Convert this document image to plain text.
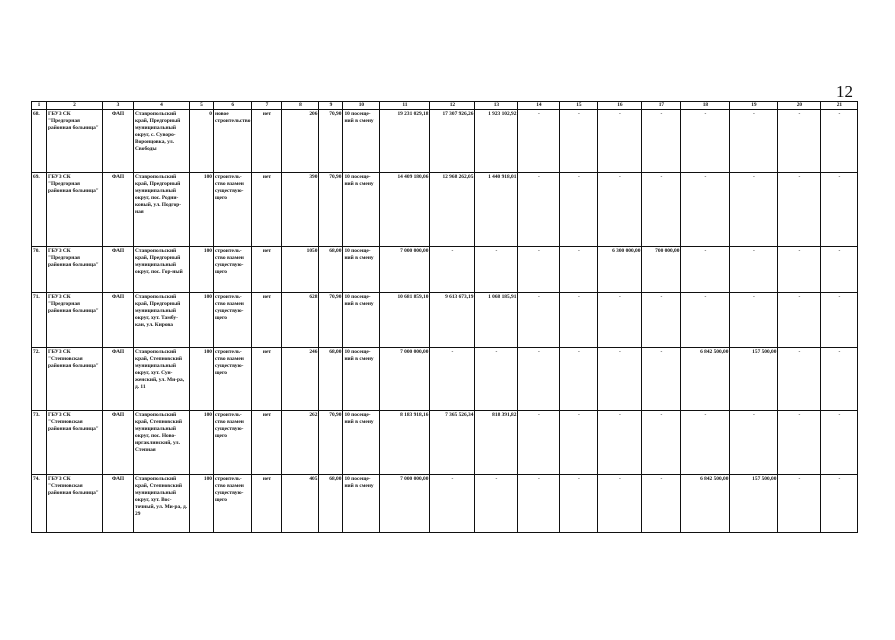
12
1	2	3	4	5	6	7	8	9	10	11	12	13	14	15	16	17	18	19	20	21
68.	ГБУЗ СК "Предгорная районная больница"	ФАП	Ставропольский край, Предгорный муниципальный округ, с. Суворо-Воронцовка, ул. Свободы	0	новое строительство	нет	206	70,90	10 посеще-ний в смену	19 231 029,18	17 307 926,26	1 923 102,92	-	-	-	-	-	-	-	-
69.	ГБУЗ СК "Предгорная районная больница"	ФАП	Ставропольский край, Предгорный муниципальный округ, пос. Родни-ковый, ул. Подгор-ная	100	строитель-ство взамен существую-щего	нет	390	70,90	10 посеще-ний в смену	14 409 180,06	12 968 262,05	1 440 918,01	-	-	-	-	-	-	-	-
70.	ГБУЗ СК "Предгорная районная больница"	ФАП	Ставропольский край, Предгорный муниципальный округ, пос. Гор-ный	100	строитель-ство взамен существую-щего	нет	1050	68,00	10 посеще-ний в смену	7 000 000,00	-	-	-	-	6 300 000,00	700 000,00	-	-	-	-
71.	ГБУЗ СК "Предгорная районная больница"	ФАП	Ставропольский край, Предгорный муниципальный округ, хут. Тамбу-кан, ул. Кирова	100	строитель-ство взамен существую-щего	нет	628	70,90	10 посеще-ний в смену	10 681 859,10	9 613 673,19	1 068 185,91	-	-	-	-	-	-	-	-
72.	ГБУЗ СК "Степновская районная больница"	ФАП	Ставропольский край, Степновский муниципальный округ, хут. Сун-женский, ул. Ми-ра, д. 11	100	строитель-ство взамен существую-щего	нет	246	68,00	10 посеще-ний в смену	7 000 000,00	-	-	-	-	-	-	6 842 500,00	157 500,00	-	-
73.	ГБУЗ СК "Степновская районная больница"	ФАП	Ставропольский край, Степновский муниципальный округ, пос. Ново-иргаклинский, ул. Степная	100	строитель-ство взамен существую-щего	нет	262	70,90	10 посеще-ний в смену	8 183 918,16	7 365 526,34	818 391,82	-	-	-	-	-	-	-	-
74.	ГБУЗ СК "Степновская районная больница"	ФАП	Ставропольский край, Степновский муниципальный округ, хут. Вос-точный, ул. Ми-ра, д. 29	100	строитель-ство взамен существую-щего	нет	405	68,00	10 посеще-ний в смену	7 000 000,00	-	-	-	-	-	-	6 842 500,00	157 500,00	-	-
